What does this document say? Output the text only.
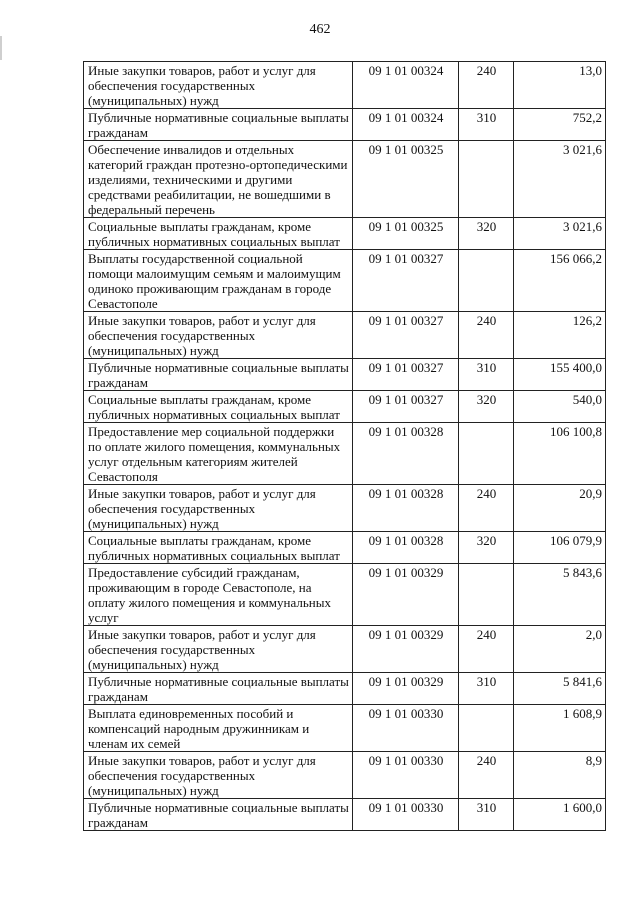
462
Иные закупки товаров, работ и услуг для обеспечения государственных (муниципальных) нужд	09 1 01 00324	240	13,0
Публичные нормативные социальные выплаты гражданам	09 1 01 00324	310	752,2
Обеспечение инвалидов и отдельных категорий граждан протезно-ортопедическими изделиями, техническими и другими средствами реабилитации, не вошедшими в федеральный перечень	09 1 01 00325		3 021,6
Социальные выплаты гражданам, кроме публичных нормативных социальных выплат	09 1 01 00325	320	3 021,6
Выплаты государственной социальной помощи малоимущим семьям и малоимущим одиноко проживающим гражданам в городе Севастополе	09 1 01 00327		156 066,2
Иные закупки товаров, работ и услуг для обеспечения государственных (муниципальных) нужд	09 1 01 00327	240	126,2
Публичные нормативные социальные выплаты гражданам	09 1 01 00327	310	155 400,0
Социальные выплаты гражданам, кроме публичных нормативных социальных выплат	09 1 01 00327	320	540,0
Предоставление мер социальной поддержки по оплате жилого помещения, коммунальных услуг отдельным категориям жителей Севастополя	09 1 01 00328		106 100,8
Иные закупки товаров, работ и услуг для обеспечения государственных (муниципальных) нужд	09 1 01 00328	240	20,9
Социальные выплаты гражданам, кроме публичных нормативных социальных выплат	09 1 01 00328	320	106 079,9
Предоставление субсидий гражданам, проживающим в городе Севастополе, на оплату жилого помещения и коммунальных услуг	09 1 01 00329		5 843,6
Иные закупки товаров, работ и услуг для обеспечения государственных (муниципальных) нужд	09 1 01 00329	240	2,0
Публичные нормативные социальные выплаты гражданам	09 1 01 00329	310	5 841,6
Выплата единовременных пособий и компенсаций народным дружинникам и членам их семей	09 1 01 00330		1 608,9
Иные закупки товаров, работ и услуг для обеспечения государственных (муниципальных) нужд	09 1 01 00330	240	8,9
Публичные нормативные социальные выплаты гражданам	09 1 01 00330	310	1 600,0
